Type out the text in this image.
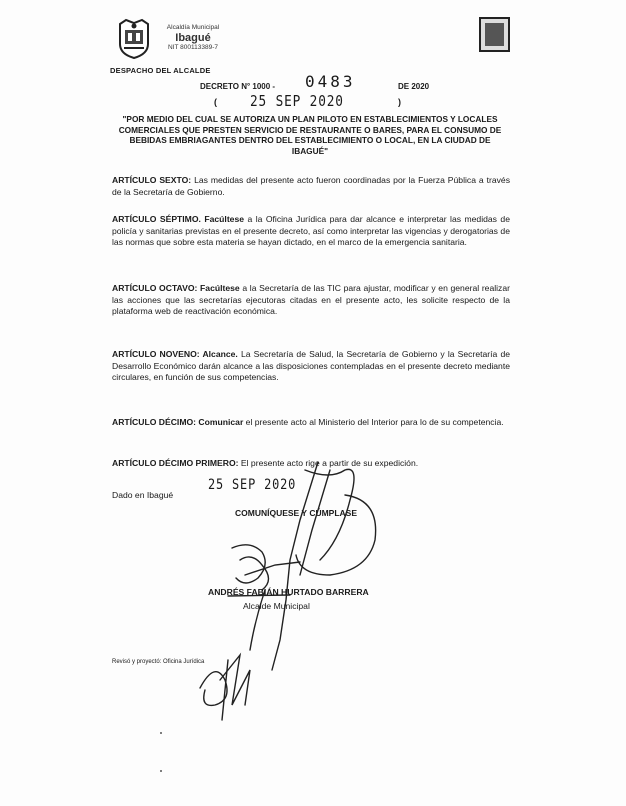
Alcaldía Municipal
Ibagué
NIT 800113389-7
DESPACHO DEL ALCALDE
DECRETO N° 1000 - 0483	DE 2020
( 25 SEP 2020	)
"POR MEDIO DEL CUAL SE AUTORIZA UN PLAN PILOTO EN ESTABLECIMIENTOS Y LOCALES COMERCIALES QUE PRESTEN SERVICIO DE RESTAURANTE O BARES, PARA EL CONSUMO DE BEBIDAS EMBRIAGANTES DENTRO DEL ESTABLECIMIENTO O LOCAL, EN LA CIUDAD DE IBAGUÉ"
ARTÍCULO SEXTO: Las medidas del presente acto fueron coordinadas por la Fuerza Pública a través de la Secretaría de Gobierno.
ARTÍCULO SÉPTIMO. Facúltese a la Oficina Jurídica para dar alcance e interpretar las medidas de policía y sanitarias previstas en el presente decreto, así como interpretar las vigencias y derogatorias de las normas que sobre esta materia se hayan dictado, en el marco de la emergencia sanitaria.
ARTÍCULO OCTAVO: Facúltese a la Secretaría de las TIC para ajustar, modificar y en general realizar las acciones que las secretarías ejecutoras citadas en el presente acto, les solicite respecto de la plataforma web de reactivación económica.
ARTÍCULO NOVENO: Alcance. La Secretaría de Salud, la Secretaría de Gobierno y la Secretaría de Desarrollo Económico darán alcance a las disposiciones contempladas en el presente decreto mediante circulares, en función de sus competencias.
ARTÍCULO DÉCIMO: Comunicar el presente acto al Ministerio del Interior para lo de su competencia.
ARTÍCULO DÉCIMO PRIMERO: El presente acto rige a partir de su expedición.
Dado en Ibagué
25 SEP 2020
COMUNÍQUESE Y CÚMPLASE
ANDRÉS FABIÁN HURTADO BARRERA
Alcalde Municipal
Revisó y proyectó: Oficina Jurídica
